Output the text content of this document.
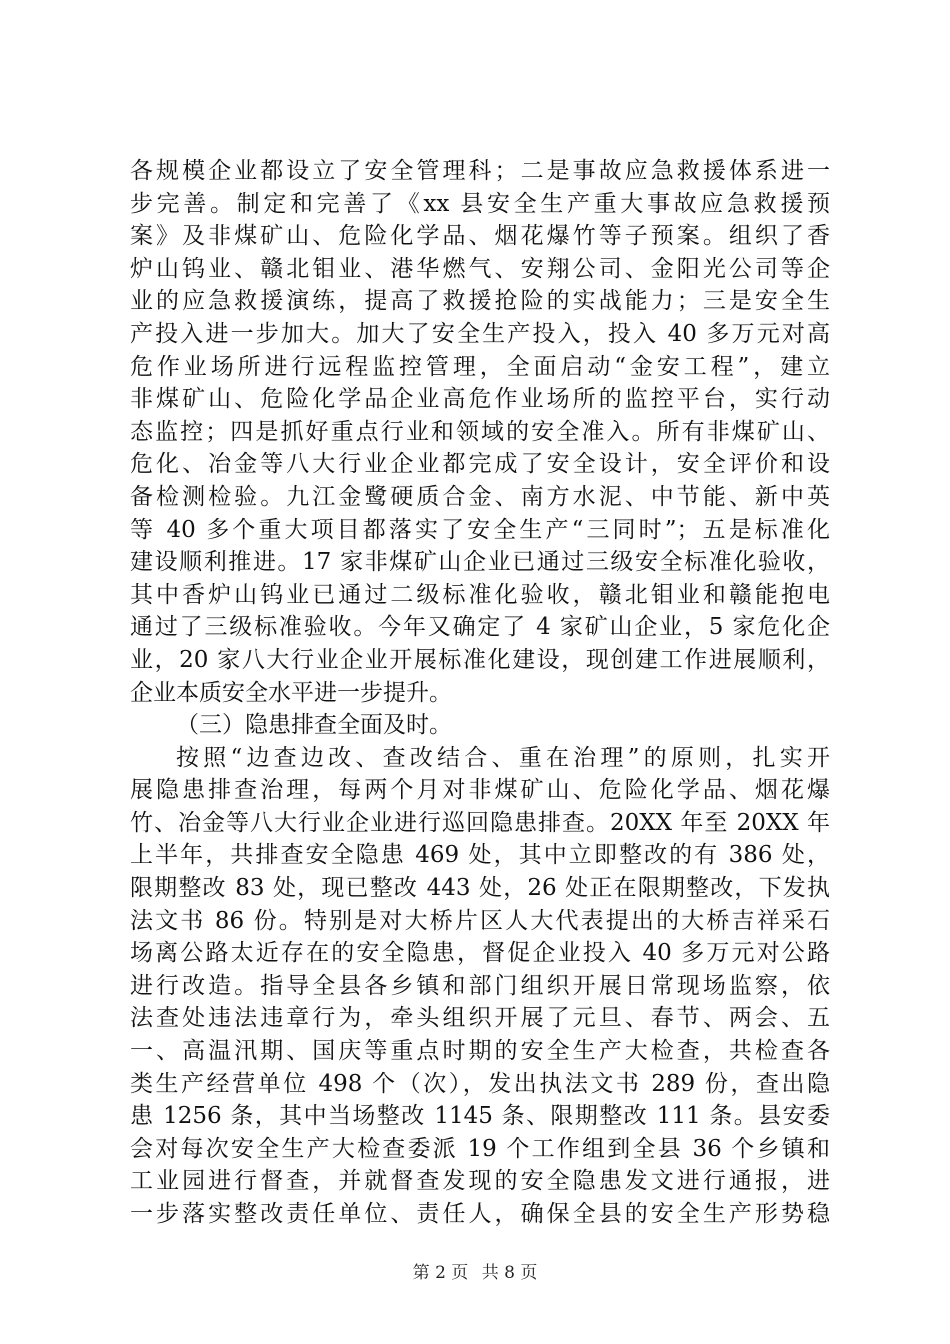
各规模企业都设立了安全管理科；二是事故应急救援体系进一
步完善。制定和完善了《xx 县安全生产重大事故应急救援预
案》及非煤矿山、危险化学品、烟花爆竹等子预案。组织了香
炉山钨业、赣北钼业、港华燃气、安翔公司、金阳光公司等企
业的应急救援演练，提高了救援抢险的实战能力；三是安全生
产投入进一步加大。加大了安全生产投入，投入 40 多万元对高
危作业场所进行远程监控管理，全面启动“金安工程”，建立
非煤矿山、危险化学品企业高危作业场所的监控平台，实行动
态监控；四是抓好重点行业和领域的安全准入。所有非煤矿山、
危化、冶金等八大行业企业都完成了安全设计，安全评价和设
备检测检验。九江金鹭硬质合金、南方水泥、中节能、新中英
等 40 多个重大项目都落实了安全生产“三同时”；五是标准化
建设顺利推进。17 家非煤矿山企业已通过三级安全标准化验收，
其中香炉山钨业已通过二级标准化验收，赣北钼业和赣能抱电
通过了三级标准验收。今年又确定了 4 家矿山企业，5 家危化企
业，20 家八大行业企业开展标准化建设，现创建工作进展顺利，
企业本质安全水平进一步提升。
（三）隐患排查全面及时。
按照“边查边改、查改结合、重在治理”的原则，扎实开
展隐患排查治理，每两个月对非煤矿山、危险化学品、烟花爆
竹、冶金等八大行业企业进行巡回隐患排查。20XX 年至 20XX 年
上半年，共排查安全隐患 469 处，其中立即整改的有 386 处，
限期整改 83 处，现已整改 443 处，26 处正在限期整改，下发执
法文书 86 份。特别是对大桥片区人大代表提出的大桥吉祥采石
场离公路太近存在的安全隐患，督促企业投入 40 多万元对公路
进行改造。指导全县各乡镇和部门组织开展日常现场监察，依
法查处违法违章行为，牵头组织开展了元旦、春节、两会、五
一、高温汛期、国庆等重点时期的安全生产大检查，共检查各
类生产经营单位 498 个（次），发出执法文书 289 份，查出隐
患 1256 条，其中当场整改 1145 条、限期整改 111 条。县安委
会对每次安全生产大检查委派 19 个工作组到全县 36 个乡镇和
工业园进行督查，并就督查发现的安全隐患发文进行通报，进
一步落实整改责任单位、责任人，确保全县的安全生产形势稳
第 2 页 共 8 页
